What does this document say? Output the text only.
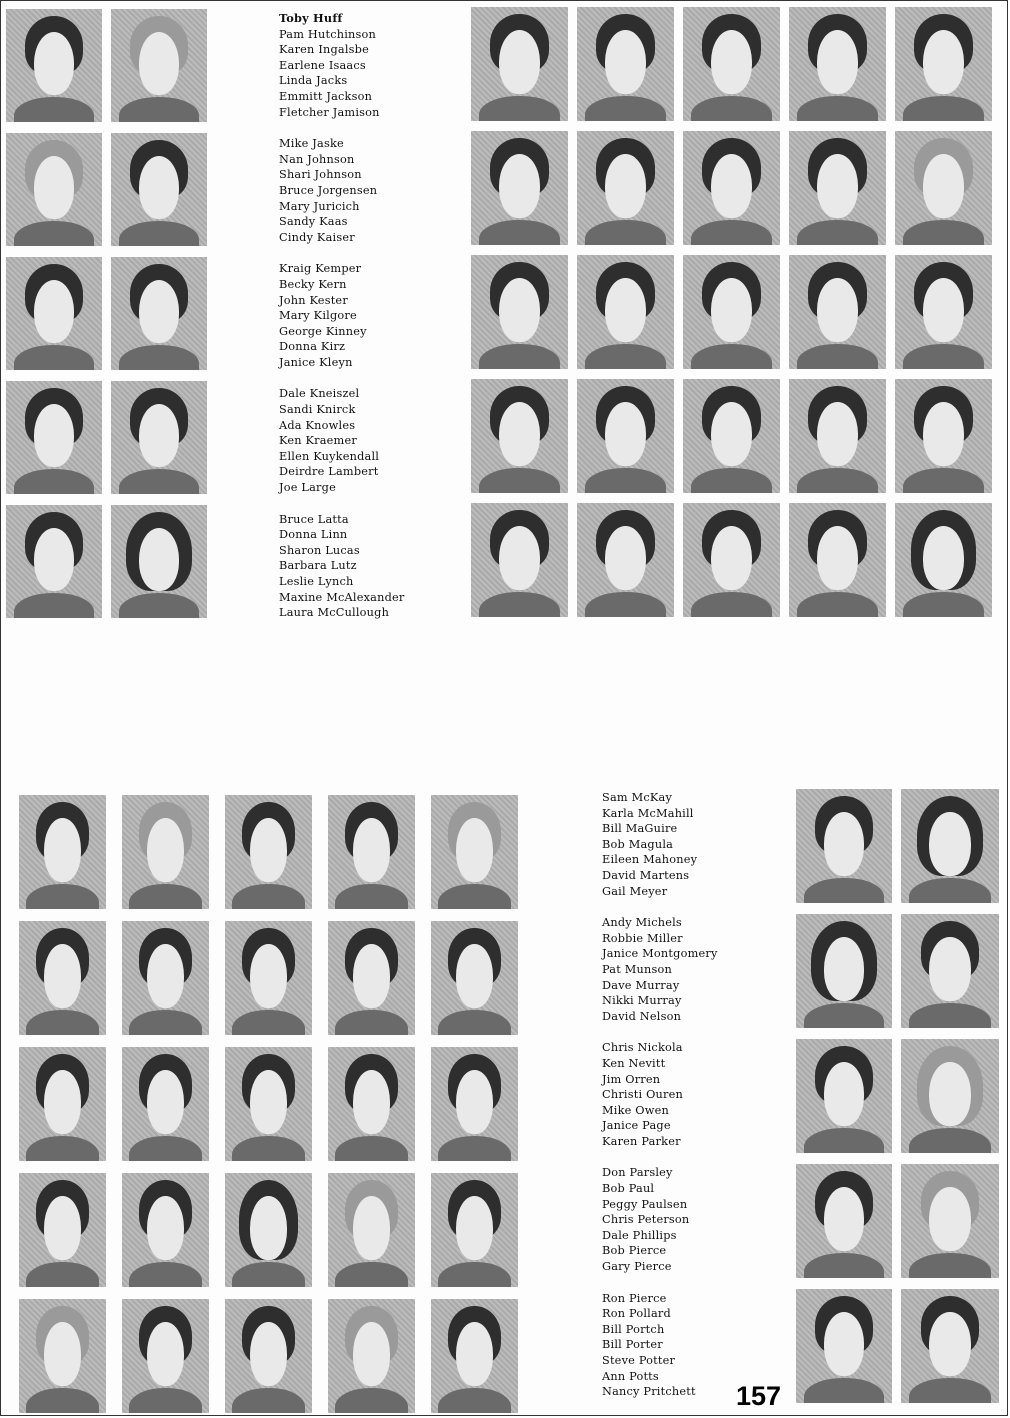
Toby Huff
Pam Hutchinson
Karen Ingalsbe
Earlene Isaacs
Linda Jacks
Emmitt Jackson
Fletcher Jamison
Mike Jaske
Nan Johnson
Shari Johnson
Bruce Jorgensen
Mary Juricich
Sandy Kaas
Cindy Kaiser
Kraig Kemper
Becky Kern
John Kester
Mary Kilgore
George Kinney
Donna Kirz
Janice Kleyn
Dale Kneiszel
Sandi Knirck
Ada Knowles
Ken Kraemer
Ellen Kuykendall
Deirdre Lambert
Joe Large
Bruce Latta
Donna Linn
Sharon Lucas
Barbara Lutz
Leslie Lynch
Maxine McAlexander
Laura McCullough
Sam McKay
Karla McMahill
Bill MaGuire
Bob Magula
Eileen Mahoney
David Martens
Gail Meyer
Andy Michels
Robbie Miller
Janice Montgomery
Pat Munson
Dave Murray
Nikki Murray
David Nelson
Chris Nickola
Ken Nevitt
Jim Orren
Christi Ouren
Mike Owen
Janice Page
Karen Parker
Don Parsley
Bob Paul
Peggy Paulsen
Chris Peterson
Dale Phillips
Bob Pierce
Gary Pierce
Ron Pierce
Ron Pollard
Bill Portch
Bill Porter
Steve Potter
Ann Potts
Nancy Pritchett	157
